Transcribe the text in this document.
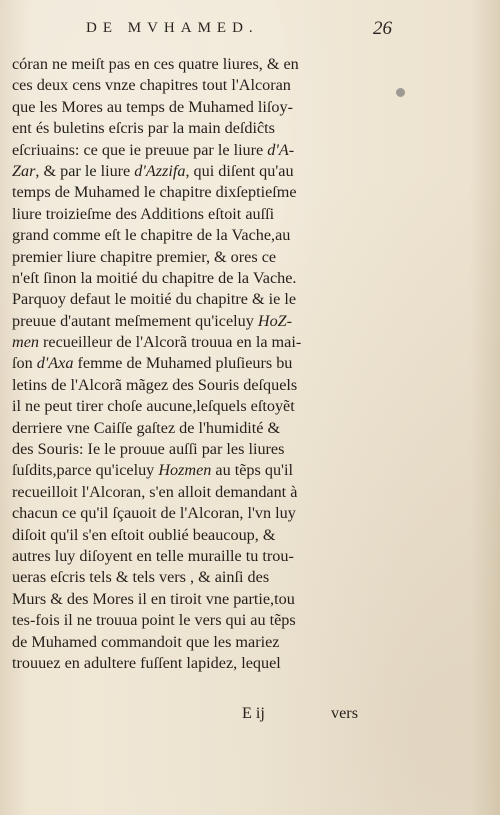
DE MVHAMED.	26
córan ne meiſt pas en ces quatre liures, & en
ces deux cens vnze chapitres tout l'Alcoran
que les Mores au temps de Muhamed liſoy-
ent és buletins eſcris par la main deſdiĉts
eſcriuains: ce que ie preuue par le liure d'A-
Ζar, & par le liure d'Azzifa, qui diſent qu'au
temps de Muhamed le chapitre dixſeptieſme
liure troizieſme des Additions eſtoit auſſi
grand comme eſt le chapitre de la Vache,au
premier liure chapitre premier, & ores ce
n'eſt ſinon la moitié du chapitre de la Vache.
Parquoy defaut le moitié du chapitre & ie le
preuue d'autant meſmement qu'iceluy HoΖ-
men recueilleur de l'Alcorã trouua en la mai-
ſon d'Axa femme de Muhamed pluſieurs bu
letins de l'Alcorã mãgez des Souris deſquels
il ne peut tirer choſe aucune,leſquels eſtoyẽt
derriere vne Caiſſe gaſtez de l'humidité &
des Souris: Ie le prouue auſſi par les liures
ſuſdits,parce qu'iceluy Hozmen au tẽps qu'il
recueilloit l'Alcoran, s'en alloit demandant à
chacun ce qu'il ſçauoit de l'Alcoran, l'vn luy
diſoit qu'il s'en eſtoit oublié beaucoup, &
autres luy diſoyent en telle muraille tu trou-
ueras eſcris tels & tels vers , & ainſi des
Murs & des Mores il en tiroit vne partie,tou
tes-fois il ne trouua point le vers qui au tẽps
de Muhamed commandoit que les mariez
trouuez en adultere fuſſent lapidez, lequel
E ij	vers
